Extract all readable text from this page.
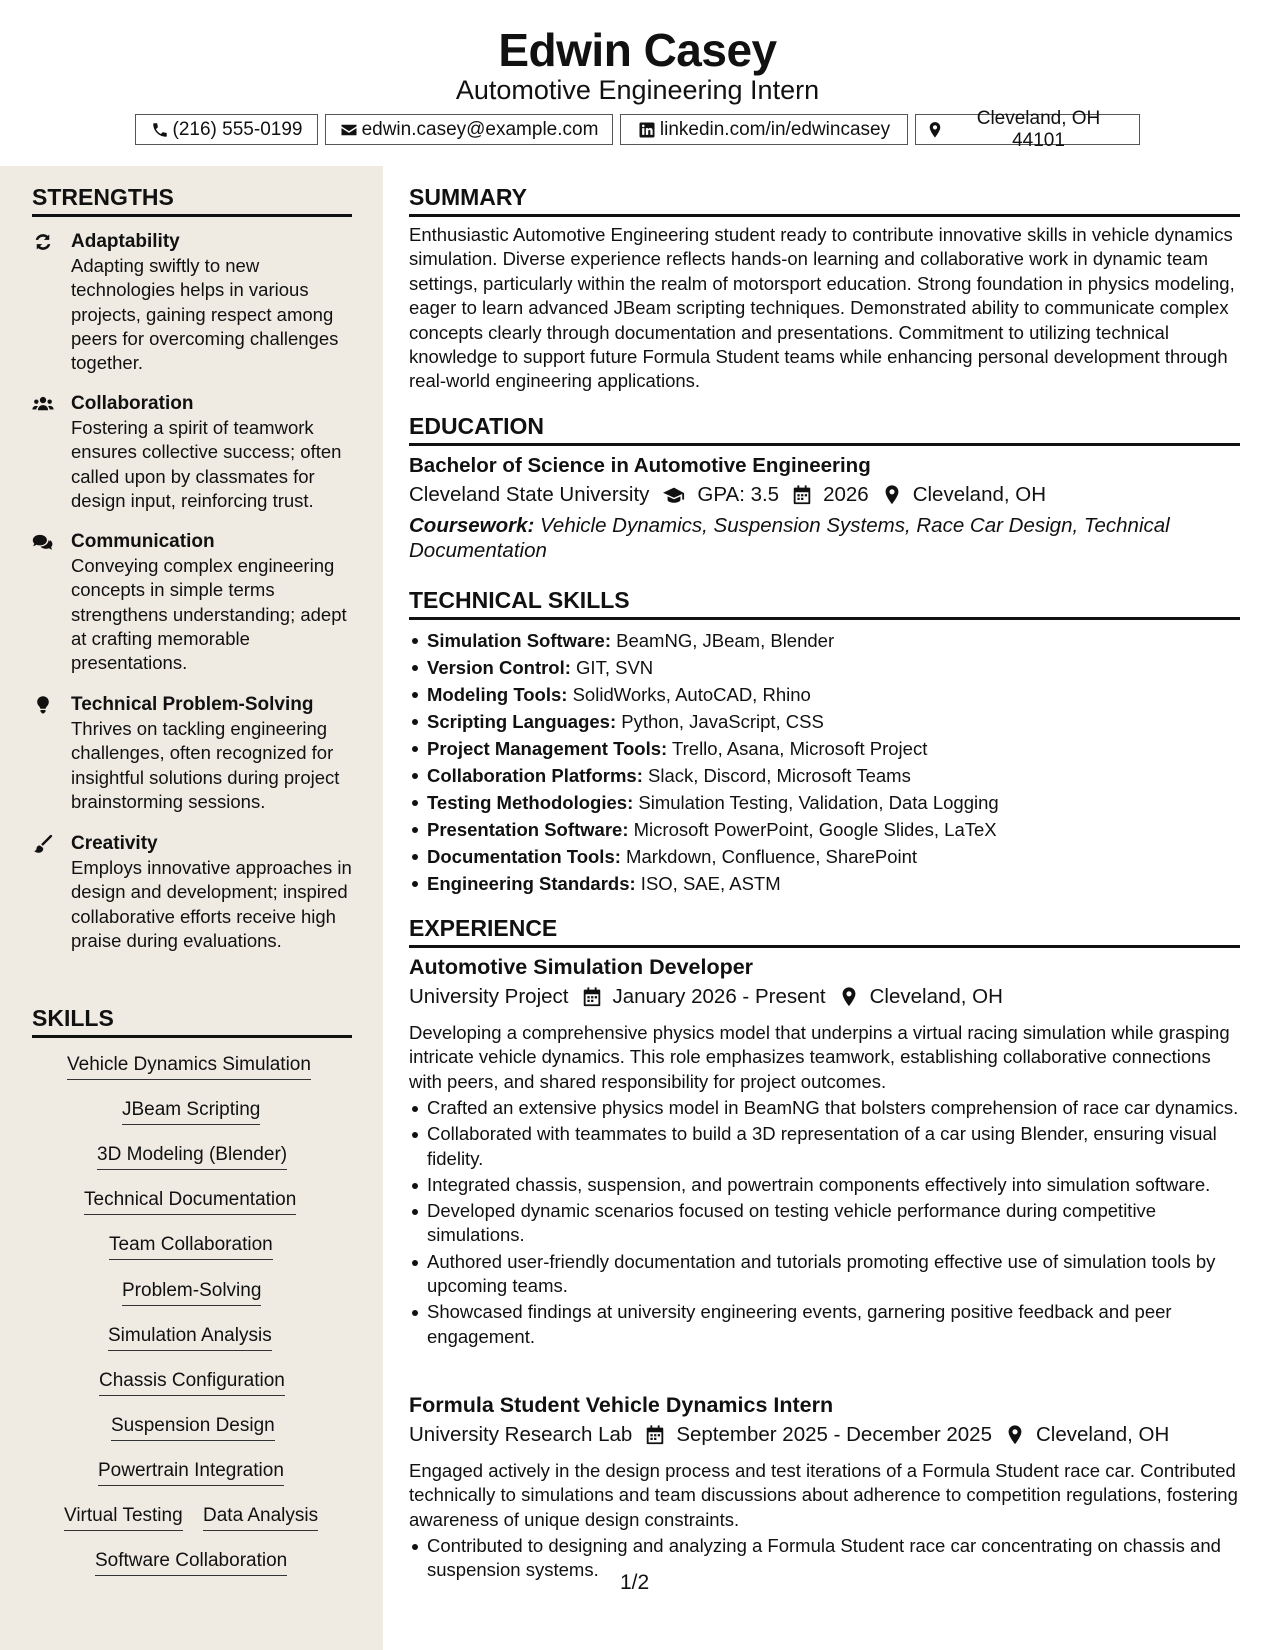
Edwin Casey
Automotive Engineering Intern
(216) 555-0199	edwin.casey@example.com	linkedin.com/in/edwincasey
Cleveland, OH 44101
STRENGTHS
Adaptability
Adapting swiftly to new technologies helps in various projects, gaining respect among peers for overcoming challenges together.
Collaboration
Fostering a spirit of teamwork ensures collective success; often called upon by classmates for design input, reinforcing trust.
Communication
Conveying complex engineering concepts in simple terms strengthens understanding; adept at crafting memorable presentations.
Technical Problem-Solving
Thrives on tackling engineering challenges, often recognized for insightful solutions during project brainstorming sessions.
Creativity
Employs innovative approaches in design and development; inspired collaborative efforts receive high praise during evaluations.
SKILLS
Vehicle Dynamics Simulation
JBeam Scripting
3D Modeling (Blender)
Technical Documentation
Team Collaboration
Problem-Solving
Simulation Analysis
Chassis Configuration
Suspension Design
Powertrain Integration
Virtual Testing Data Analysis
Software Collaboration
SUMMARY
Enthusiastic Automotive Engineering student ready to contribute innovative skills in vehicle dynamics simulation. Diverse experience reflects hands-on learning and collaborative work in dynamic team settings, particularly within the realm of motorsport education. Strong foundation in physics modeling, eager to learn advanced JBeam scripting techniques. Demonstrated ability to communicate complex concepts clearly through documentation and presentations. Commitment to utilizing technical knowledge to support future Formula Student teams while enhancing personal development through real-world engineering applications.
EDUCATION
Bachelor of Science in Automotive Engineering
Cleveland State University GPA: 3.5 2026 Cleveland, OH
Coursework: Vehicle Dynamics, Suspension Systems, Race Car Design, Technical Documentation
TECHNICAL SKILLS
Simulation Software: BeamNG, JBeam, Blender
Version Control: GIT, SVN
Modeling Tools: SolidWorks, AutoCAD, Rhino
Scripting Languages: Python, JavaScript, CSS
Project Management Tools: Trello, Asana, Microsoft Project
Collaboration Platforms: Slack, Discord, Microsoft Teams
Testing Methodologies: Simulation Testing, Validation, Data Logging
Presentation Software: Microsoft PowerPoint, Google Slides, LaTeX
Documentation Tools: Markdown, Confluence, SharePoint
Engineering Standards: ISO, SAE, ASTM
EXPERIENCE
Automotive Simulation Developer
University Project January 2026 - Present Cleveland, OH
Developing a comprehensive physics model that underpins a virtual racing simulation while grasping intricate vehicle dynamics. This role emphasizes teamwork, establishing collaborative connections with peers, and shared responsibility for project outcomes.
Crafted an extensive physics model in BeamNG that bolsters comprehension of race car dynamics.
Collaborated with teammates to build a 3D representation of a car using Blender, ensuring visual fidelity.
Integrated chassis, suspension, and powertrain components effectively into simulation software.
Developed dynamic scenarios focused on testing vehicle performance during competitive simulations.
Authored user-friendly documentation and tutorials promoting effective use of simulation tools by upcoming teams.
Showcased findings at university engineering events, garnering positive feedback and peer engagement.
Formula Student Vehicle Dynamics Intern
University Research Lab September 2025 - December 2025 Cleveland, OH
Engaged actively in the design process and test iterations of a Formula Student race car. Contributed technically to simulations and team discussions about adherence to competition regulations, fostering awareness of unique design constraints.
Contributed to designing and analyzing a Formula Student race car concentrating on chassis and suspension systems.
1/2
